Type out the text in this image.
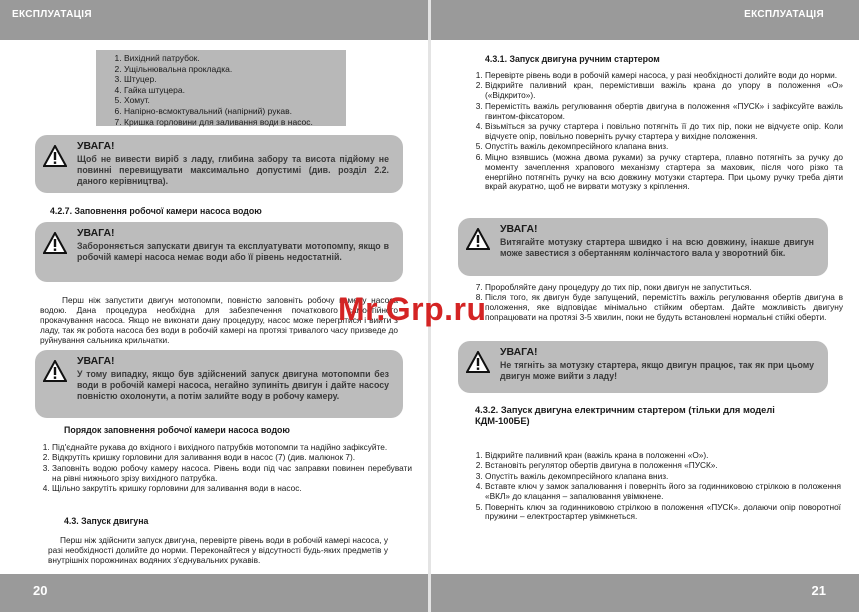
ЕКСПЛУАТАЦІЯ
1. Вихідний патрубок.
2. Ущільнювальна прокладка.
3. Штуцер.
4. Гайка штуцера.
5. Хомут.
6. Напірно-всмоктувальний (напірний) рукав.
7. Кришка горловини для заливання води в насос.
УВАГА!
Щоб не вивести виріб з ладу, глибина забору та висота підйому не повинні перевищувати максимально допустимі (див. розділ 2.2. даного керівництва).
4.2.7. Заповнення робочої камери насоса водою
УВАГА!
Забороняється запускати двигун та експлуатувати мотопомпу, якщо в робочій камері насоса немає води або її рівень недостатній.
Перш ніж запустити двигун мотопомпи, повністю заповніть робочу камеру насоса водою. Дана процедура необхідна для забезпечення початкового самостійного прокачування насоса. Якщо не виконати дану процедуру, насос може перегрітися і вийти з ладу, так як робота насоса без води в робочій камері на протязі тривалого часу призведе до руйнування сальника крильчатки.
УВАГА!
У тому випадку, якщо був здійснений запуск двигуна мотопомпи без води в робочій камері насоса, негайно зупиніть двигун і дайте насосу повністю охолонути, а потім залийте воду в робочу камеру.
Порядок заповнення робочої камери насоса водою
1. Під'єднайте рукава до вхідного і вихідного патрубків мотопомпи та надійно зафіксуйте.
2. Відкрутіть кришку горловини для заливання води в насос (7) (див. малюнок 7).
3. Заповніть водою робочу камеру насоса. Рівень води під час заправки повинен перебувати на рівні нижнього зрізу вихідного патрубка.
4. Щільно закрутіть кришку горловини для заливання води в насос.
4.3. Запуск двигуна
Перш ніж здійснити запуск двигуна, перевірте рівень води в робочій камері насоса, у разі необхідності долийте до норми. Переконайтеся у відсутності будь-яких предметів у внутрішніх порожнинах водяних з'єднувальних рукавів.
20
ЕКСПЛУАТАЦІЯ
4.3.1. Запуск двигуна ручним стартером
1. Перевірте рівень води в робочій камері насоса, у разі необхідності долийте води до норми.
2. Відкрийте паливний кран, перемістивши важіль крана до упору в положення «О» («Відкрито»).
3. Перемістіть важіль регулювання обертів двигуна в положення «ПУСК» і зафіксуйте важіль гвинтом-фіксатором.
4. Візьміться за ручку стартера і повільно потягніть її до тих пір, поки не відчуєте опір. Коли відчуєте опір, повільно поверніть ручку стартера у вихідне положення.
5. Опустіть важіль декомпресійного клапана вниз.
6. Міцно взявшись (можна двома руками) за ручку стартера, плавно потягніть за ручку до моменту зачеплення храпового механізму стартера за маховик, після чого різко та енергійно потягніть ручку на всю довжину мотузки стартера. При цьому ручку треба діяти вкрай акуратно, щоб не вирвати мотузку з кріплення.
УВАГА!
Витягайте мотузку стартера швидко і на всю довжину, інакше двигун може завестися з обертанням колінчастого вала у зворотний бік.
7. Проробляйте дану процедуру до тих пір, поки двигун не запуститься.
8. Після того, як двигун буде запущений, перемістіть важіль регулювання обертів двигуна в положення, яке відповідає мінімально стійким обертам. Дайте можливість двигуну попрацювати на протязі 3-5 хвилин, поки не будуть встановлені нормальні стійкі оберти.
УВАГА!
Не тягніть за мотузку стартера, якщо двигун працює, так як при цьому двигун може вийти з ладу!
4.3.2. Запуск двигуна електричним стартером (тільки для моделі КДМ-100БЕ)
1. Відкрийте паливний кран (важіль крана в положенні «О»).
2. Встановіть регулятор обертів двигуна в положення «ПУСК».
3. Опустіть важіль декомпресійного клапана вниз.
4. Вставте ключ у замок запалювання і поверніть його за годинниковою стрілкою в положення «ВКЛ» до клацання – запалювання увімкнене.
5. Поверніть ключ за годинниковою стрілкою в положення «ПУСК». долаючи опір поворотної пружини – електростартер увімкнеться.
21
Mr.Grp.ru
